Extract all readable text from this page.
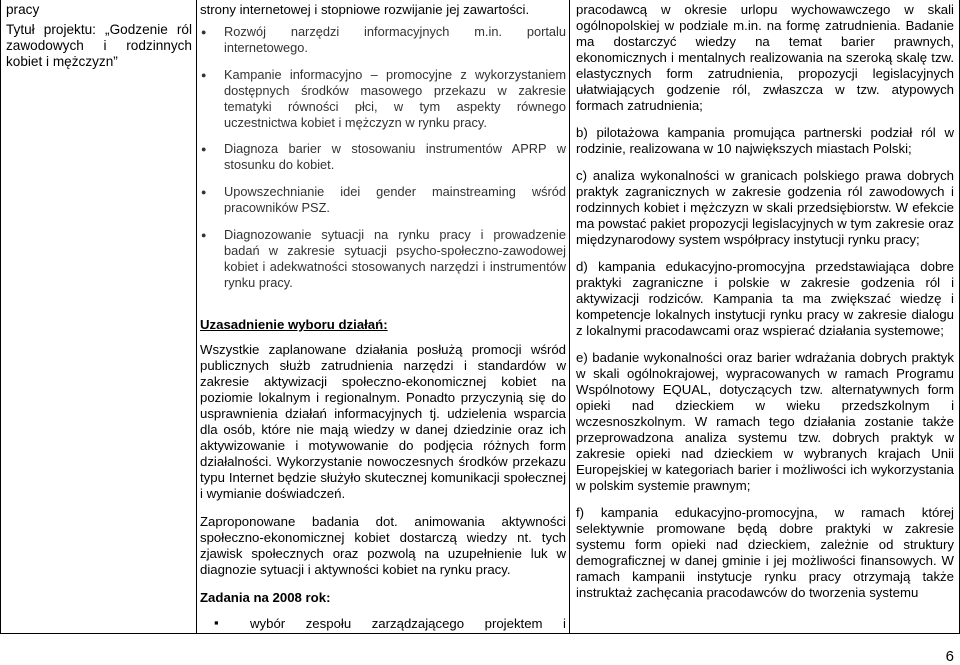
pracy
Tytuł projektu: „Godzenie ról zawodowych i rodzinnych kobiet i mężczyzn”

strony internetowej i stopniowe rozwijanie jej zawartości.

● Rozwój narzędzi informacyjnych m.in. portalu internetowego.
● Kampanie informacyjno – promocyjne z wykorzystaniem dostępnych środków masowego przekazu w zakresie tematyki równości płci, w tym aspekty równego uczestnictwa kobiet i mężczyzn w rynku pracy.
● Diagnoza barier w stosowaniu instrumentów APRP w stosunku do kobiet.
● Upowszechnianie idei gender mainstreaming wśród pracowników PSZ.
● Diagnozowanie sytuacji na rynku pracy i prowadzenie badań w zakresie sytuacji psycho-społeczno-zawodowej kobiet i adekwatności stosowanych narzędzi i instrumentów rynku pracy.

Uzasadnienie wyboru działań:

Wszystkie zaplanowane działania posłużą promocji wśród publicznych służb zatrudnienia narzędzi i standardów w zakresie aktywizacji społeczno-ekonomicznej kobiet na poziomie lokalnym i regionalnym. Ponadto przyczynią się do usprawnienia działań informacyjnych tj. udzielenia wsparcia dla osób, które nie mają wiedzy w danej dziedzinie oraz ich aktywizowanie i motywowanie do podjęcia różnych form działalności. Wykorzystanie nowoczesnych środków przekazu typu Internet będzie służyło skutecznej komunikacji społecznej i wymianie doświadczeń.

Zaproponowane badania dot. animowania aktywności społeczno-ekonomicznej kobiet dostarczą wiedzy nt. tych zjawisk społecznych oraz pozwolą na uzupełnienie luk w diagnozie sytuacji i aktywności kobiet na rynku pracy.

Zadania na 2008 rok:

▪ wybór zespołu zarządzającego projektem i

pracodawcą w okresie urlopu wychowawczego w skali ogólnopolskiej w podziale m.in. na formę zatrudnienia. Badanie ma dostarczyć wiedzy na temat barier prawnych, ekonomicznych i mentalnych realizowania na szeroką skalę tzw. elastycznych form zatrudnienia, propozycji legislacyjnych ułatwiających godzenie ról, zwłaszcza w tzw. atypowych formach zatrudnienia;

b) pilotażowa kampania promująca partnerski podział ról w rodzinie, realizowana w 10 największych miastach Polski;

c) analiza wykonalności w granicach polskiego prawa dobrych praktyk zagranicznych w zakresie godzenia ról zawodowych i rodzinnych kobiet i mężczyzn w skali przedsiębiorstw. W efekcie ma powstać pakiet propozycji legislacyjnych w tym zakresie oraz międzynarodowy system współpracy instytucji rynku pracy;

d) kampania edukacyjno-promocyjna przedstawiająca dobre praktyki zagraniczne i polskie w zakresie godzenia ról i aktywizacji rodziców. Kampania ta ma zwiększać wiedzę i kompetencje lokalnych instytucji rynku pracy w zakresie dialogu z lokalnymi pracodawcami oraz wspierać działania systemowe;

e) badanie wykonalności oraz barier wdrażania dobrych praktyk w skali ogólnokrajowej, wypracowanych w ramach Programu Wspólnotowy EQUAL, dotyczących tzw. alternatywnych form opieki nad dzieckiem w wieku przedszkolnym i wczesnoszkolnym. W ramach tego działania zostanie także przeprowadzona analiza systemu tzw. dobrych praktyk w zakresie opieki nad dzieckiem w wybranych krajach Unii Europejskiej w kategoriach barier i możliwości ich wykorzystania w polskim systemie prawnym;

f) kampania edukacyjno-promocyjna, w ramach której selektywnie promowane będą dobre praktyki w zakresie systemu form opieki nad dzieckiem, zależnie od struktury demograficznej w danej gminie i jej możliwości finansowych. W ramach kampanii instytucje rynku pracy otrzymają także instruktaż zachęcania pracodawców do tworzenia systemu

6
